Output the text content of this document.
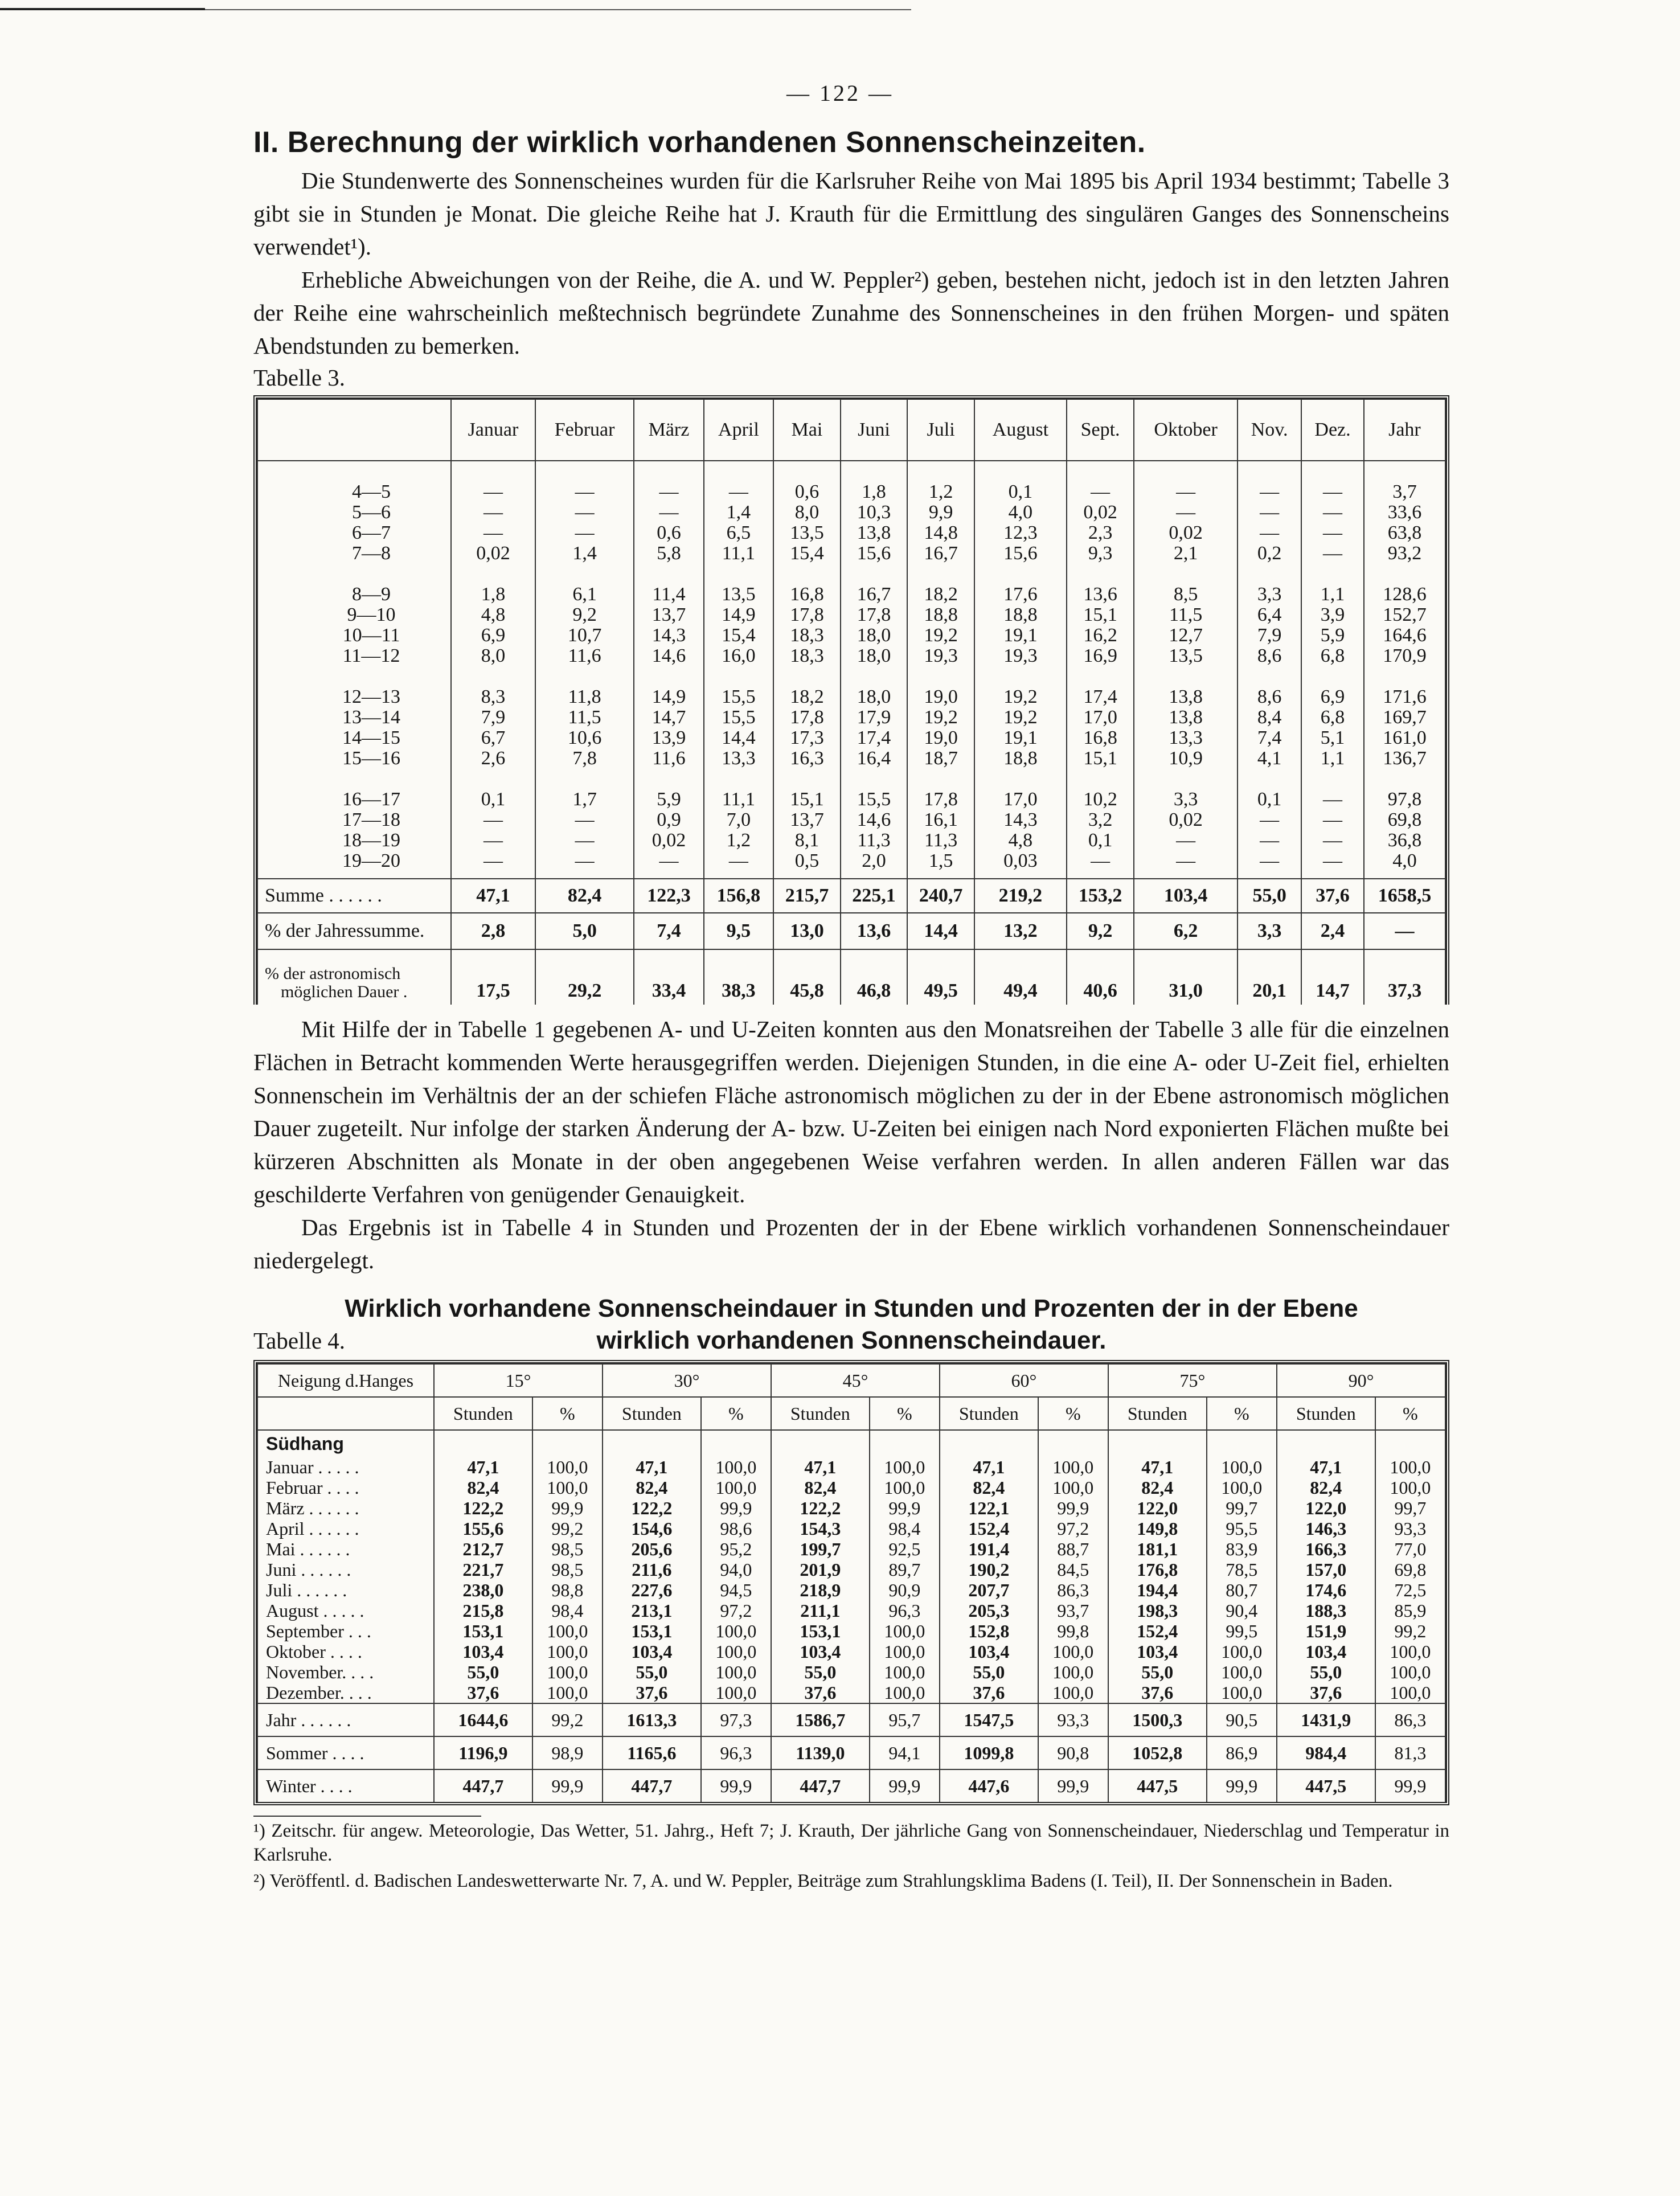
— 122 —
II. Berechnung der wirklich vorhandenen Sonnenscheinzeiten.

Die Stundenwerte des Sonnenscheines wurden für die Karlsruher Reihe von Mai 1895 bis April 1934 bestimmt; Tabelle 3 gibt sie in Stunden je Monat. Die gleiche Reihe hat J. Krauth für die Ermittlung des singulären Ganges des Sonnenscheins verwendet¹).

Erhebliche Abweichungen von der Reihe, die A. und W. Peppler²) geben, bestehen nicht, jedoch ist in den letzten Jahren der Reihe eine wahrscheinlich meßtechnisch begründete Zunahme des Sonnenscheines in den frühen Morgen- und späten Abendstunden zu bemerken.

Tabelle 3.
	Januar	Februar	März	April	Mai	Juni	Juli	August	Sept.	Oktober	Nov.	Dez.	Jahr

4—5	—	—	—	—	0,6	1,8	1,2	0,1	—	—	—	—	3,7
5—6	—	—	—	1,4	8,0	10,3	9,9	4,0	0,02	—	—	—	33,6
6—7	—	—	0,6	6,5	13,5	13,8	14,8	12,3	2,3	0,02	—	—	63,8
7—8	0,02	1,4	5,8	11,1	15,4	15,6	16,7	15,6	9,3	2,1	0,2	—	93,2

8—9	1,8	6,1	11,4	13,5	16,8	16,7	18,2	17,6	13,6	8,5	3,3	1,1	128,6
9—10	4,8	9,2	13,7	14,9	17,8	17,8	18,8	18,8	15,1	11,5	6,4	3,9	152,7
10—11	6,9	10,7	14,3	15,4	18,3	18,0	19,2	19,1	16,2	12,7	7,9	5,9	164,6
11—12	8,0	11,6	14,6	16,0	18,3	18,0	19,3	19,3	16,9	13,5	8,6	6,8	170,9

12—13	8,3	11,8	14,9	15,5	18,2	18,0	19,0	19,2	17,4	13,8	8,6	6,9	171,6
13—14	7,9	11,5	14,7	15,5	17,8	17,9	19,2	19,2	17,0	13,8	8,4	6,8	169,7
14—15	6,7	10,6	13,9	14,4	17,3	17,4	19,0	19,1	16,8	13,3	7,4	5,1	161,0
15—16	2,6	7,8	11,6	13,3	16,3	16,4	18,7	18,8	15,1	10,9	4,1	1,1	136,7

16—17	0,1	1,7	5,9	11,1	15,1	15,5	17,8	17,0	10,2	3,3	0,1	—	97,8
17—18	—	—	0,9	7,0	13,7	14,6	16,1	14,3	3,2	0,02	—	—	69,8
18—19	—	—	0,02	1,2	8,1	11,3	11,3	4,8	0,1	—	—	—	36,8
19—20	—	—	—	—	0,5	2,0	1,5	0,03	—	—	—	—	4,0

Summe . . . . . .	47,1	82,4	122,3	156,8	215,7	225,1	240,7	219,2	153,2	103,4	55,0	37,6	1658,5
% der Jahressumme.	2,8	5,0	7,4	9,5	13,0	13,6	14,4	13,2	9,2	6,2	3,3	2,4	—

% der astronomisch
möglichen Dauer .	17,5	29,2	33,4	38,3	45,8	46,8	49,5	49,4	40,6	31,0	20,1	14,7	37,3

Mit Hilfe der in Tabelle 1 gegebenen A- und U-Zeiten konnten aus den Monatsreihen der Tabelle 3 alle für die einzelnen Flächen in Betracht kommenden Werte herausgegriffen werden. Diejenigen Stunden, in die eine A- oder U-Zeit fiel, erhielten Sonnenschein im Verhältnis der an der schiefen Fläche astronomisch möglichen zu der in der Ebene astronomisch möglichen Dauer zugeteilt. Nur infolge der starken Änderung der A- bzw. U-Zeiten bei einigen nach Nord exponierten Flächen mußte bei kürzeren Abschnitten als Monate in der oben angegebenen Weise verfahren werden. In allen anderen Fällen war das geschilderte Verfahren von genügender Genauigkeit.

Das Ergebnis ist in Tabelle 4 in Stunden und Prozenten der in der Ebene wirklich vorhandenen Sonnenscheindauer niedergelegt.

Wirklich vorhandene Sonnenscheindauer in Stunden und Prozenten der in der Ebene
Tabelle 4.	wirklich vorhandenen Sonnenscheindauer.
Neigung d.Hanges	15°		30°		45°		60°		75°		90°	
	Stunden	%	Stunden	%	Stunden	%	Stunden	%	Stunden	%	Stunden	%
Südhang												
Januar . . . . .	47,1	100,0	47,1	100,0	47,1	100,0	47,1	100,0	47,1	100,0	47,1	100,0
Februar . . . .	82,4	100,0	82,4	100,0	82,4	100,0	82,4	100,0	82,4	100,0	82,4	100,0
März . . . . . .	122,2	99,9	122,2	99,9	122,2	99,9	122,1	99,9	122,0	99,7	122,0	99,7
April . . . . . .	155,6	99,2	154,6	98,6	154,3	98,4	152,4	97,2	149,8	95,5	146,3	93,3
Mai . . . . . .	212,7	98,5	205,6	95,2	199,7	92,5	191,4	88,7	181,1	83,9	166,3	77,0
Juni . . . . . .	221,7	98,5	211,6	94,0	201,9	89,7	190,2	84,5	176,8	78,5	157,0	69,8
Juli . . . . . .	238,0	98,8	227,6	94,5	218,9	90,9	207,7	86,3	194,4	80,7	174,6	72,5
August . . . . .	215,8	98,4	213,1	97,2	211,1	96,3	205,3	93,7	198,3	90,4	188,3	85,9
September . . .	153,1	100,0	153,1	100,0	153,1	100,0	152,8	99,8	152,4	99,5	151,9	99,2
Oktober . . . .	103,4	100,0	103,4	100,0	103,4	100,0	103,4	100,0	103,4	100,0	103,4	100,0
November. . . .	55,0	100,0	55,0	100,0	55,0	100,0	55,0	100,0	55,0	100,0	55,0	100,0
Dezember. . . .	37,6	100,0	37,6	100,0	37,6	100,0	37,6	100,0	37,6	100,0	37,6	100,0
Jahr . . . . . .	1644,6	99,2	1613,3	97,3	1586,7	95,7	1547,5	93,3	1500,3	90,5	1431,9	86,3
Sommer . . . .	1196,9	98,9	1165,6	96,3	1139,0	94,1	1099,8	90,8	1052,8	86,9	984,4	81,3
Winter . . . .	447,7	99,9	447,7	99,9	447,7	99,9	447,6	99,9	447,5	99,9	447,5	99,9
¹) Zeitschr. für angew. Meteorologie, Das Wetter, 51. Jahrg., Heft 7; J. Krauth, Der jährliche Gang von Sonnenscheindauer, Niederschlag und Temperatur in Karlsruhe.
²) Veröffentl. d. Badischen Landeswetterwarte Nr. 7, A. und W. Peppler, Beiträge zum Strahlungsklima Badens (I. Teil), II. Der Sonnenschein in Baden.
